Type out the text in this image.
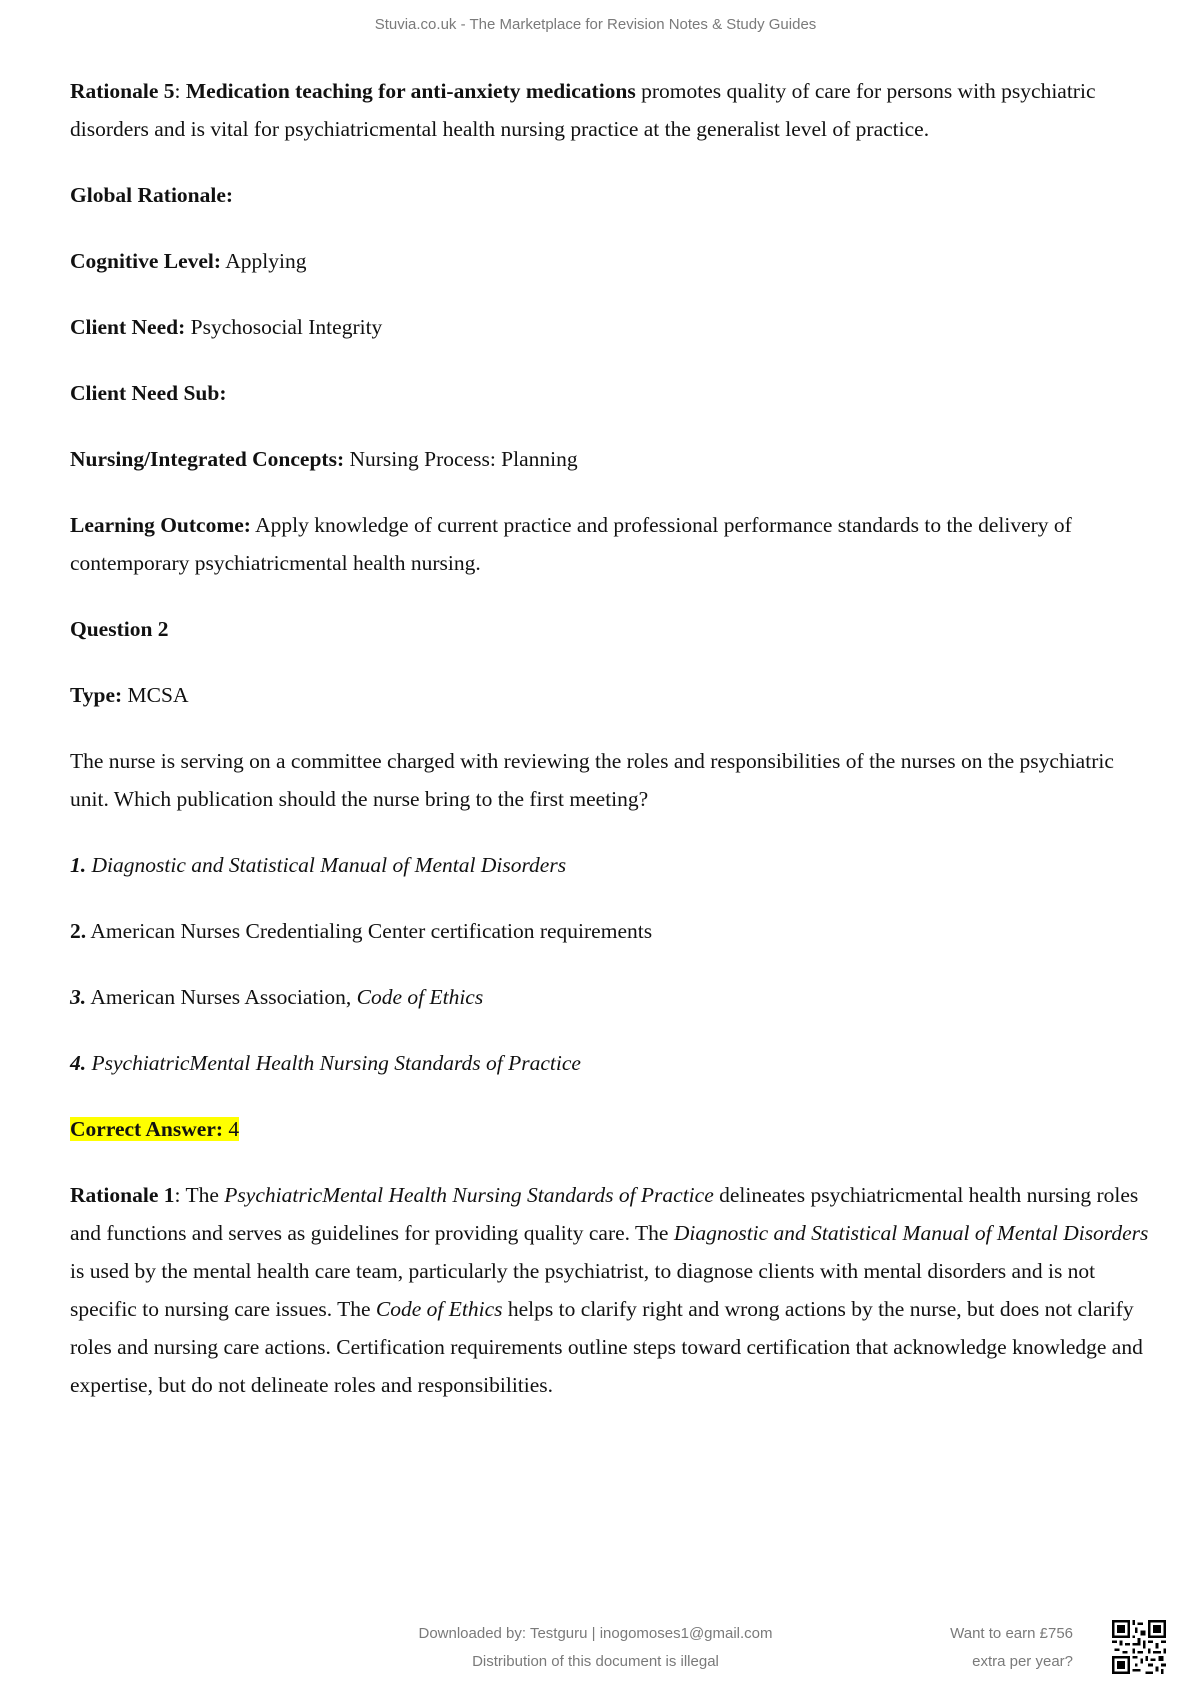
Stuvia.co.uk - The Marketplace for Revision Notes & Study Guides

Rationale 5: Medication teaching for anti-anxiety medications promotes quality of care for persons with psychiatric disorders and is vital for psychiatricmental health nursing practice at the generalist level of practice.

Global Rationale:

Cognitive Level: Applying

Client Need: Psychosocial Integrity

Client Need Sub:

Nursing/Integrated Concepts: Nursing Process: Planning

Learning Outcome: Apply knowledge of current practice and professional performance standards to the delivery of contemporary psychiatricmental health nursing.

Question 2

Type: MCSA

The nurse is serving on a committee charged with reviewing the roles and responsibilities of the nurses on the psychiatric unit. Which publication should the nurse bring to the first meeting?

1. Diagnostic and Statistical Manual of Mental Disorders

2. American Nurses Credentialing Center certification requirements

3. American Nurses Association, Code of Ethics

4. PsychiatricMental Health Nursing Standards of Practice

Correct Answer: 4

Rationale 1: The PsychiatricMental Health Nursing Standards of Practice delineates psychiatricmental health nursing roles and functions and serves as guidelines for providing quality care. The Diagnostic and Statistical Manual of Mental Disorders is used by the mental health care team, particularly the psychiatrist, to diagnose clients with mental disorders and is not specific to nursing care issues. The Code of Ethics helps to clarify right and wrong actions by the nurse, but does not clarify roles and nursing care actions. Certification requirements outline steps toward certification that acknowledge knowledge and expertise, but do not delineate roles and responsibilities.

Downloaded by: Testguru | inogomoses1@gmail.com
Distribution of this document is illegal
Want to earn £756
extra per year?
